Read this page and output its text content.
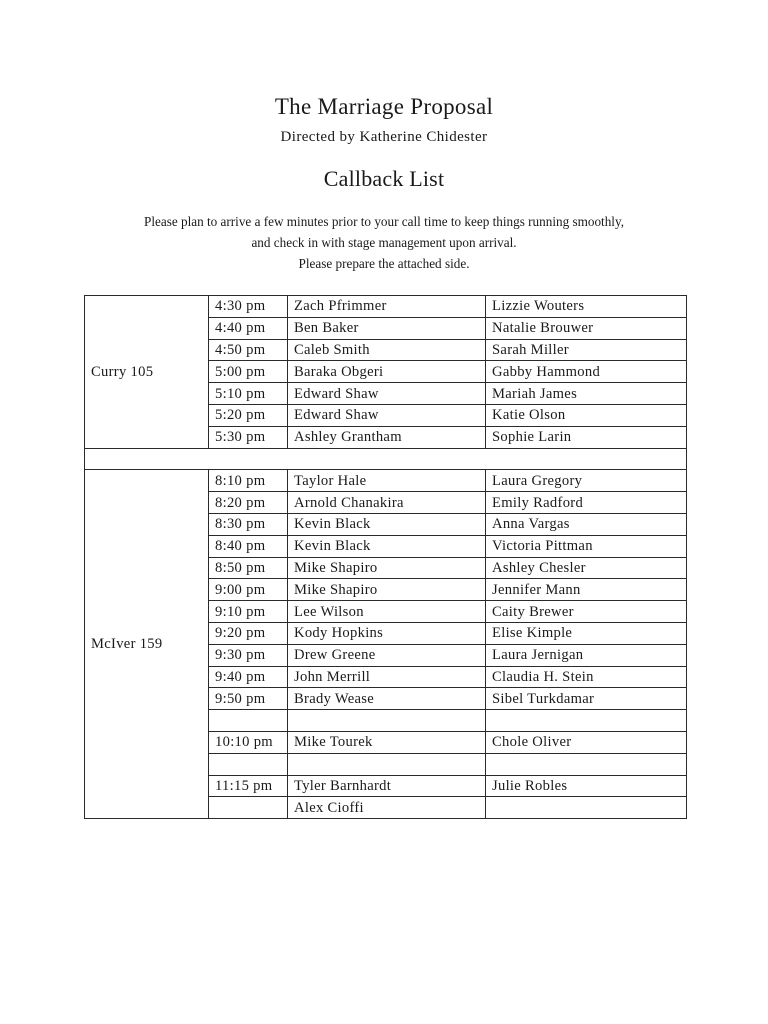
The Marriage Proposal
Directed by Katherine Chidester
Callback List
Please plan to arrive a few minutes prior to your call time to keep things running smoothly,
and check in with stage management upon arrival.
Please prepare the attached side.
Curry 105	4:30 pm	Zach Pfrimmer	Lizzie Wouters
	4:40 pm	Ben Baker	Natalie Brouwer
	4:50 pm	Caleb Smith	Sarah Miller
	5:00 pm	Baraka Obgeri	Gabby Hammond
	5:10 pm	Edward Shaw	Mariah James
	5:20 pm	Edward Shaw	Katie Olson
	5:30 pm	Ashley Grantham	Sophie Larin

McIver 159	8:10 pm	Taylor Hale	Laura Gregory
	8:20 pm	Arnold Chanakira	Emily Radford
	8:30 pm	Kevin Black	Anna Vargas
	8:40 pm	Kevin Black	Victoria Pittman
	8:50 pm	Mike Shapiro	Ashley Chesler
	9:00 pm	Mike Shapiro	Jennifer Mann
	9:10 pm	Lee Wilson	Caity Brewer
	9:20 pm	Kody Hopkins	Elise Kimple
	9:30 pm	Drew Greene	Laura Jernigan
	9:40 pm	John Merrill	Claudia H. Stein
	9:50 pm	Brady Wease	Sibel Turkdamar

	10:10 pm	Mike Tourek	Chole Oliver

	11:15 pm	Tyler Barnhardt	Julie Robles
		Alex Cioffi	
